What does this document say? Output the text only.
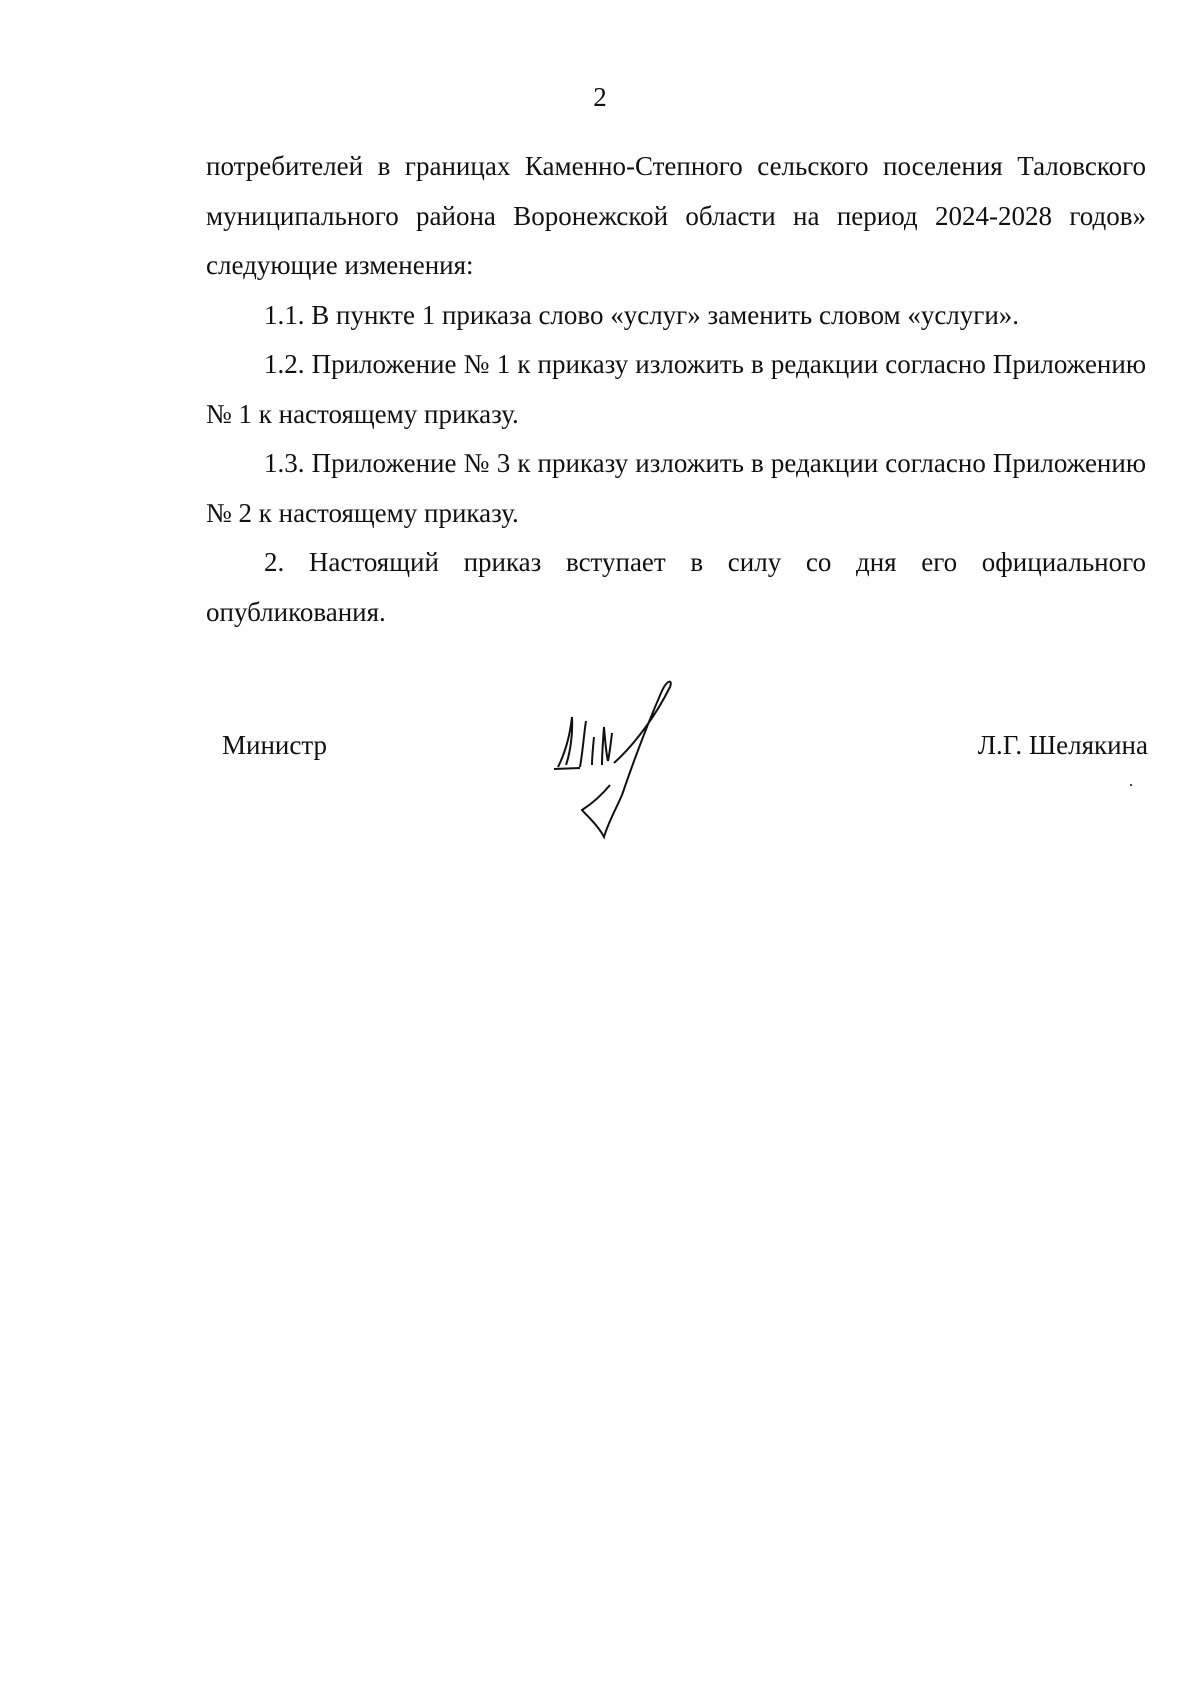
2

потребителей в границах Каменно-Степного сельского поселения Таловского

муниципального района Воронежской области на период 2024-2028 годов»

следующие изменения:

1.1. В пункте 1 приказа слово «услуг» заменить словом «услуги».

1.2. Приложение № 1 к приказу изложить в редакции согласно Приложению № 1 к настоящему приказу.

1.3. Приложение № 3 к приказу изложить в редакции согласно Приложению № 2 к настоящему приказу.

2. Настоящий приказ вступает в силу со дня его официального опубликования.

Министр	Л.Г. Шелякина
